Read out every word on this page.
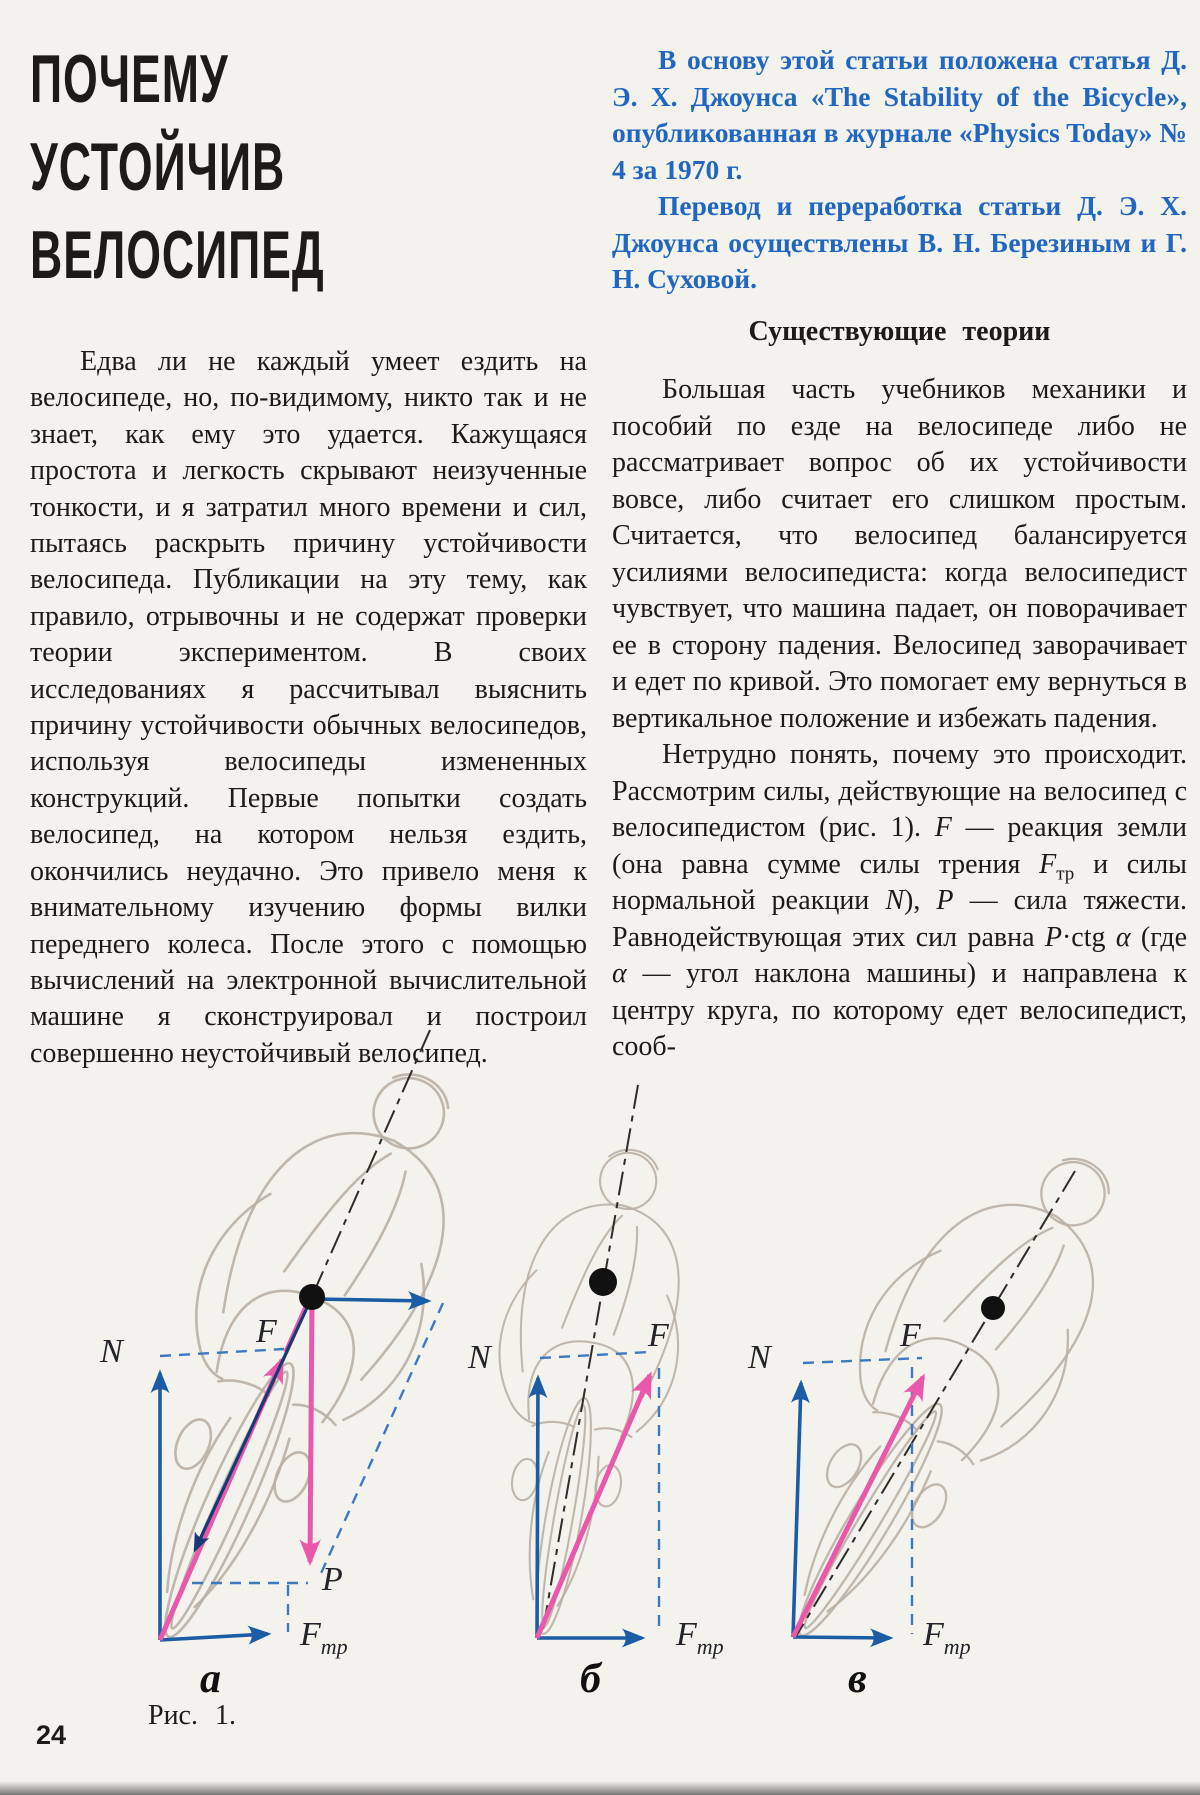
ПОЧЕМУ
УСТОЙЧИВ
ВЕЛОСИПЕД

В основу этой статьи положена статья Д. Э. Х. Джоунса «The Stability of the Bicycle», опубликованная в журнале «Physics Today» № 4 за 1970 г.

Перевод и переработка статьи Д. Э. Х. Джоунса осуществлены В. Н. Березиным и Г. Н. Суховой.

Едва ли не каждый умеет ездить на велосипеде, но, по-видимому, никто так и не знает, как ему это удается. Кажущаяся простота и легкость скрывают неизученные тонкости, и я затратил много времени и сил, пытаясь раскрыть причину устойчивости велосипеда. Публикации на эту тему, как правило, отрывочны и не содержат проверки теории экспериментом. В своих исследованиях я рассчитывал выяснить причину устойчивости обычных велосипедов, используя велосипеды измененных конструкций. Первые попытки создать велосипед, на котором нельзя ездить, окончились неудачно. Это привело меня к внимательному изучению формы вилки переднего колеса. После этого с помощью вычислений на электронной вычислительной машине я сконструировал и построил совершенно неустойчивый велосипед.

Существующие теории

Большая часть учебников механики и пособий по езде на велосипеде либо не рассматривает вопрос об их устойчивости вовсе, либо считает его слишком простым. Считается, что велосипед балансируется усилиями велосипедиста: когда велосипедист чувствует, что машина падает, он поворачивает ее в сторону падения. Велосипед заворачивает и едет по кривой. Это помогает ему вернуться в вертикальное положение и избежать падения.

Нетрудно понять, почему это происходит. Рассмотрим силы, действующие на велосипед с велосипедистом (рис. 1). F — реакция земли (она равна сумме силы трения $F_{тр}$ и силы нормальной реакции N), P — сила тяжести. Равнодействующая этих сил равна P·ctg α (где α — угол наклона машины) и направлена к центру круга, по которому едет велосипедист, сооб-

N
F
P
$F_{тр}$
а
N
F
$F_{тр}$
б
N
F
$F_{тр}$
в
Рис. 1.
24
